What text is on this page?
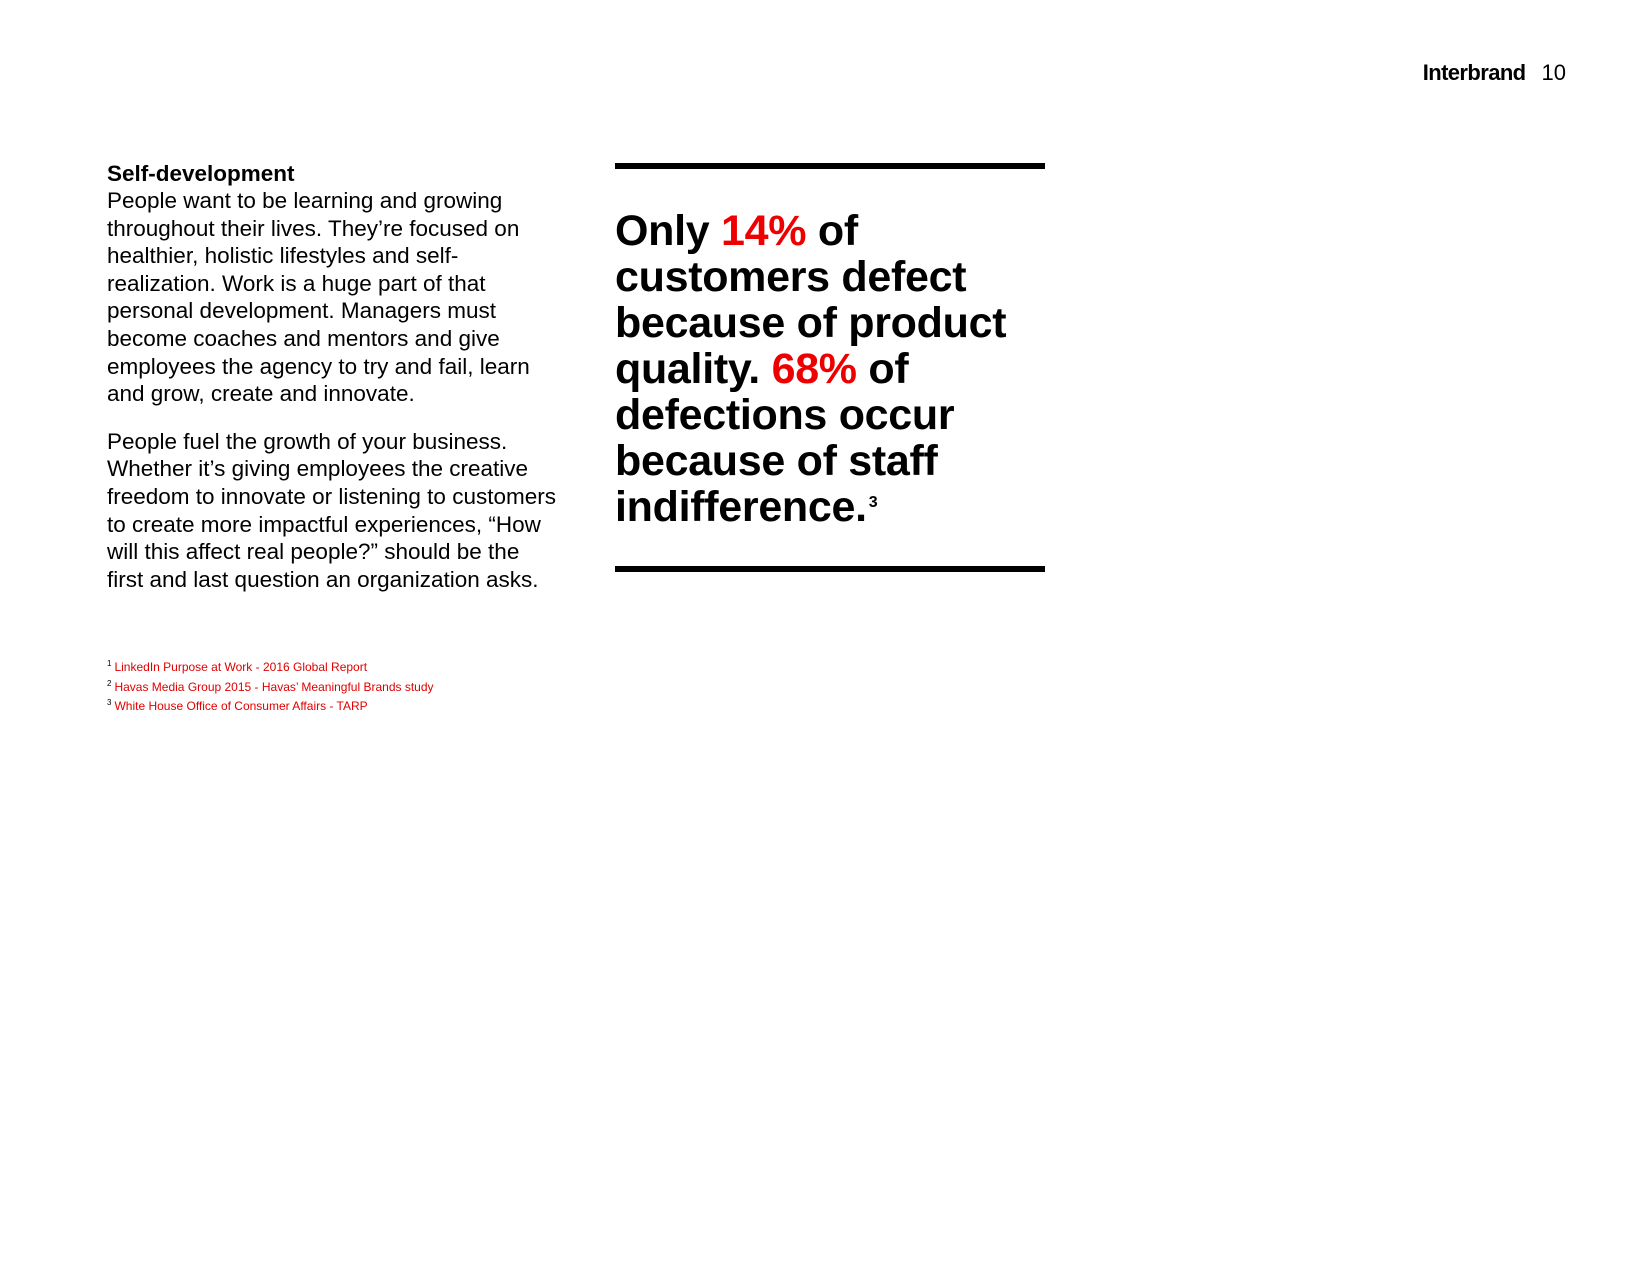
Interbrand 10

Self-development

People want to be learning and growing throughout their lives. They’re focused on healthier, holistic lifestyles and self-realization. Work is a huge part of that personal development. Managers must become coaches and mentors and give employees the agency to try and fail, learn and grow, create and innovate.

People fuel the growth of your business. Whether it’s giving employees the creative freedom to innovate or listening to customers to create more impactful experiences, “How will this affect real people?” should be the first and last question an organization asks.

$^1$ LinkedIn Purpose at Work - 2016 Global Report
$^2$ Havas Media Group 2015 - Havas’ Meaningful Brands study
$^3$ White House Office of Consumer Affairs - TARP
Only 14% of customers defect because of product quality. 68% of defections occur because of staff indifference. $^3$
